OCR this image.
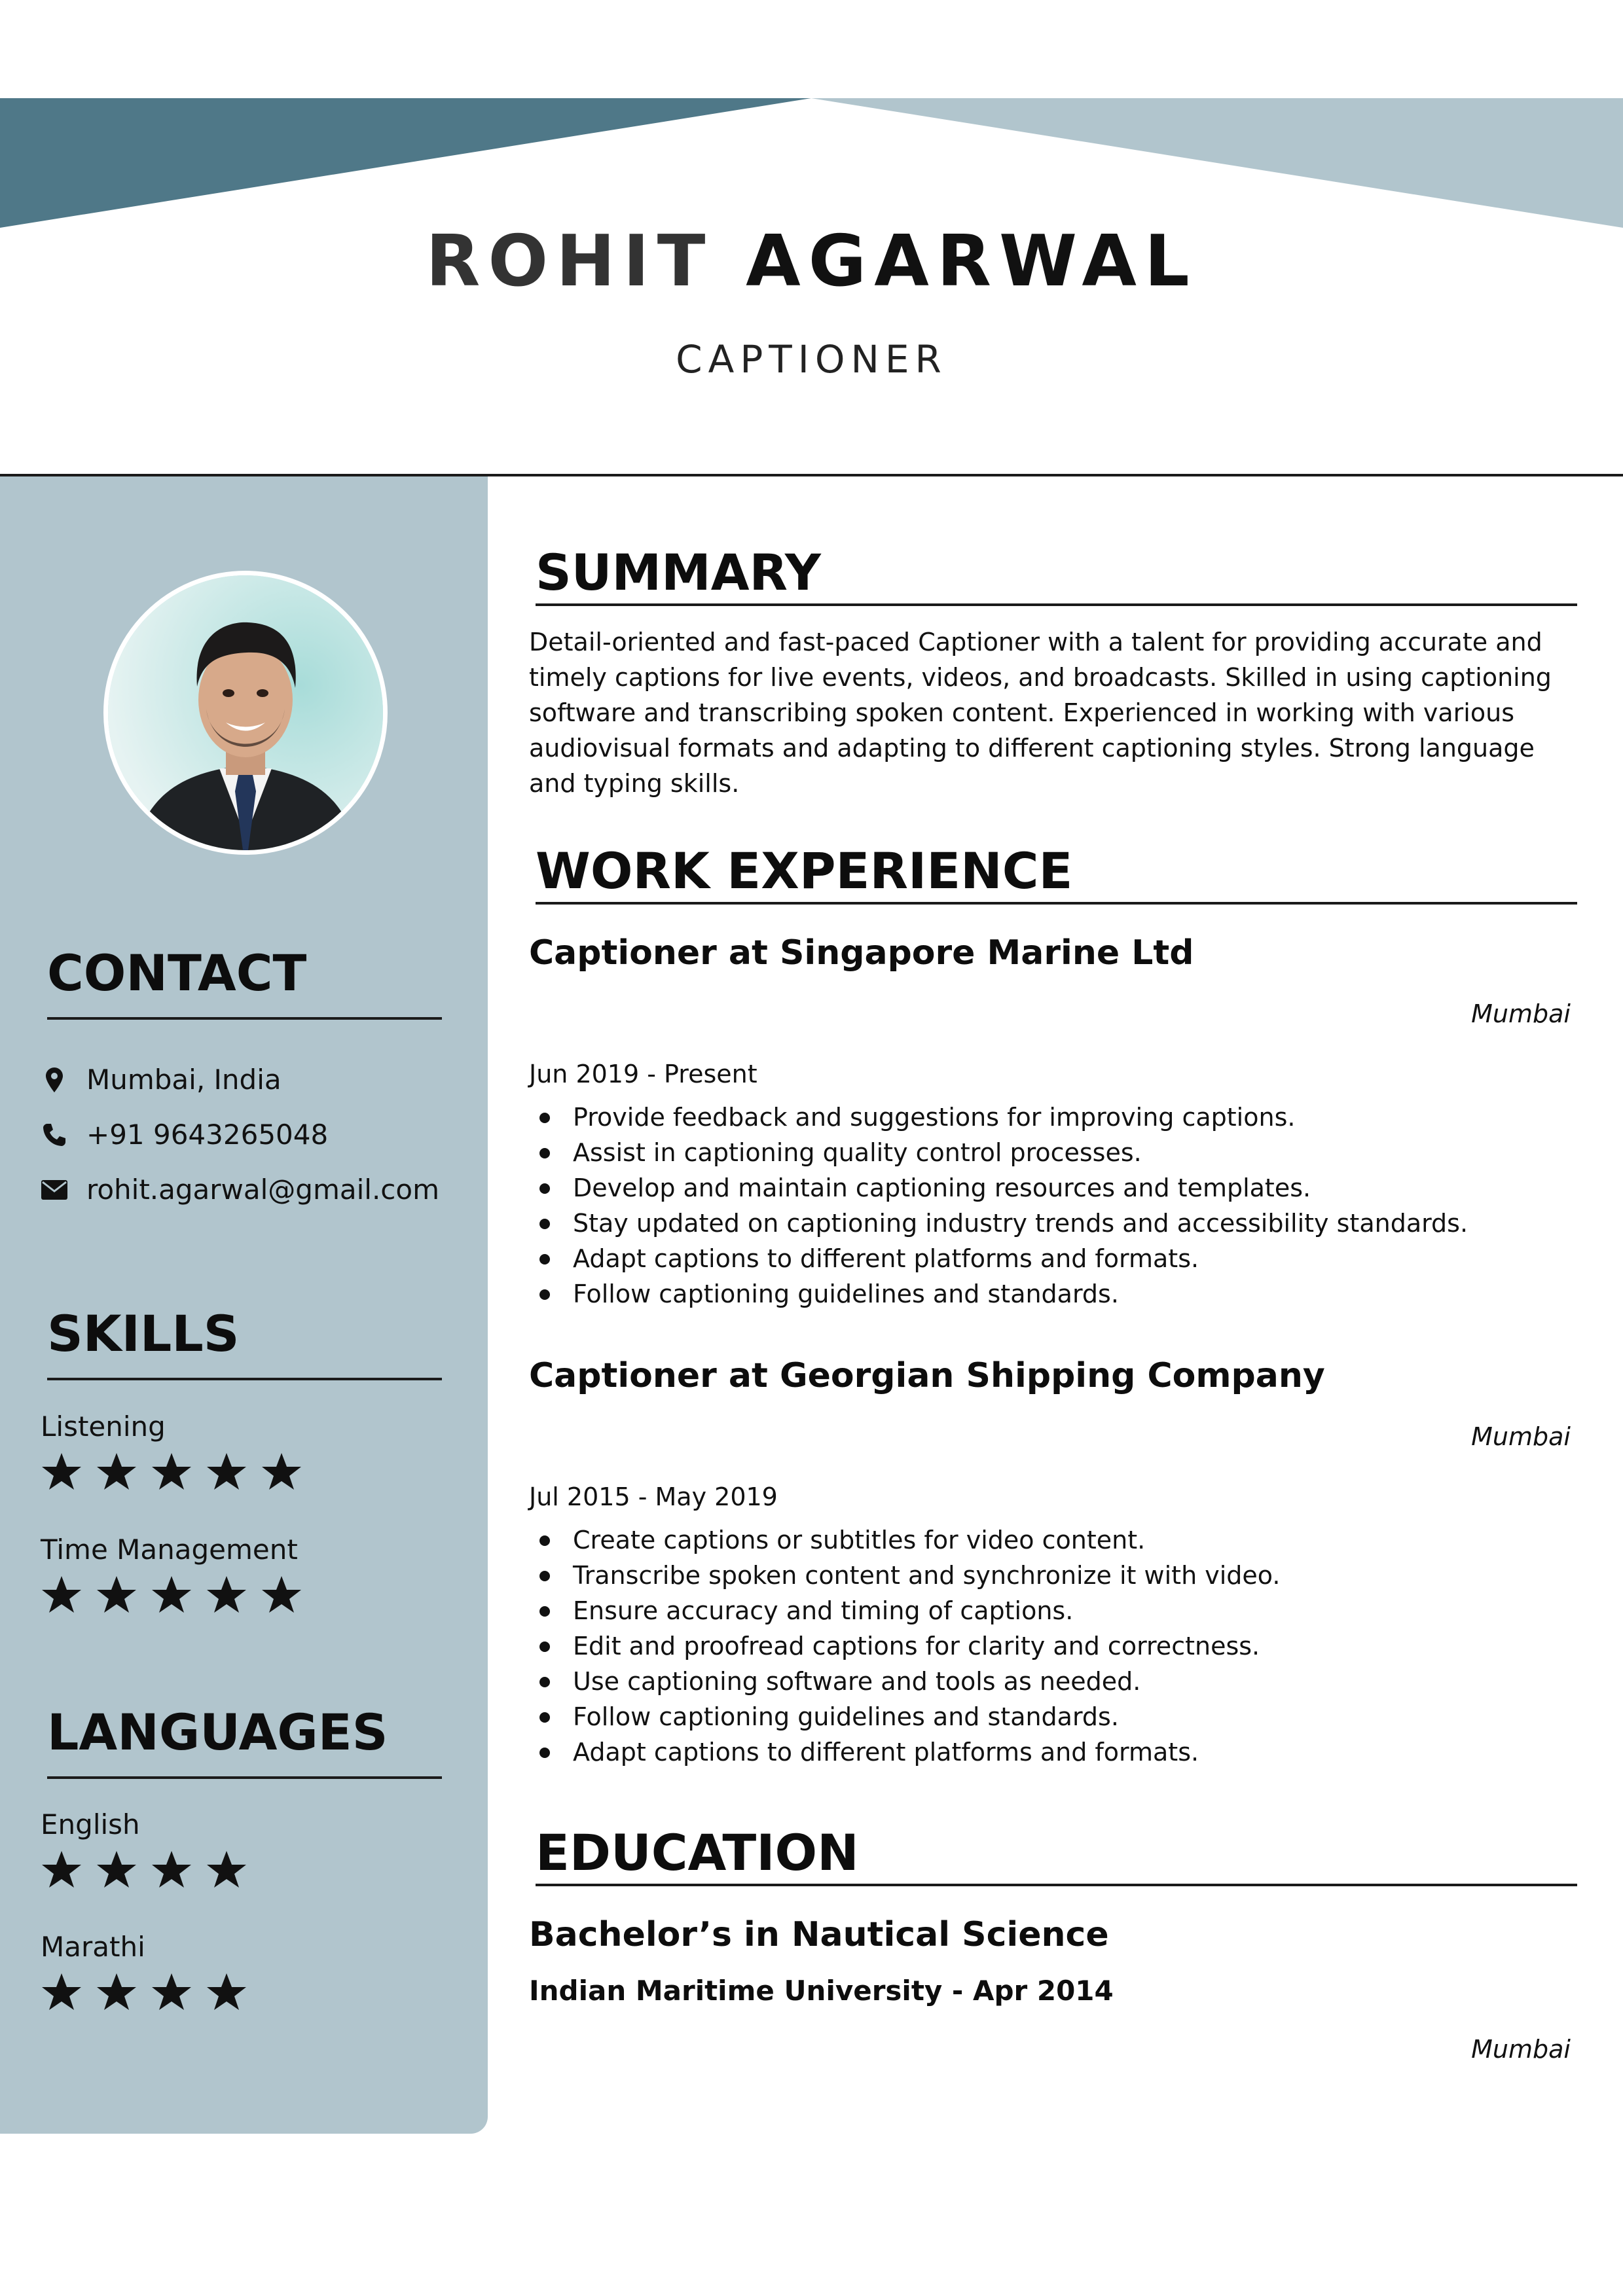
ROHIT AGARWAL
CAPTIONER
CONTACT
Mumbai, India
+91 9643265048
rohit.agarwal@gmail.com
SKILLS
Listening
Time Management
LANGUAGES
English
Marathi
SUMMARY
Detail-oriented and fast-paced Captioner with a talent for providing accurate and timely captions for live events, videos, and broadcasts. Skilled in using captioning software and transcribing spoken content. Experienced in working with various audiovisual formats and adapting to different captioning styles. Strong language and typing skills.
WORK EXPERIENCE
Captioner at Singapore Marine Ltd
Mumbai
Jun 2019 - Present
Provide feedback and suggestions for improving captions.
Assist in captioning quality control processes.
Develop and maintain captioning resources and templates.
Stay updated on captioning industry trends and accessibility standards.
Adapt captions to different platforms and formats.
Follow captioning guidelines and standards.
Captioner at Georgian Shipping Company
Mumbai
Jul 2015 - May 2019
Create captions or subtitles for video content.
Transcribe spoken content and synchronize it with video.
Ensure accuracy and timing of captions.
Edit and proofread captions for clarity and correctness.
Use captioning software and tools as needed.
Follow captioning guidelines and standards.
Adapt captions to different platforms and formats.
EDUCATION
Bachelor’s in Nautical Science
Indian Maritime University - Apr 2014
Mumbai
